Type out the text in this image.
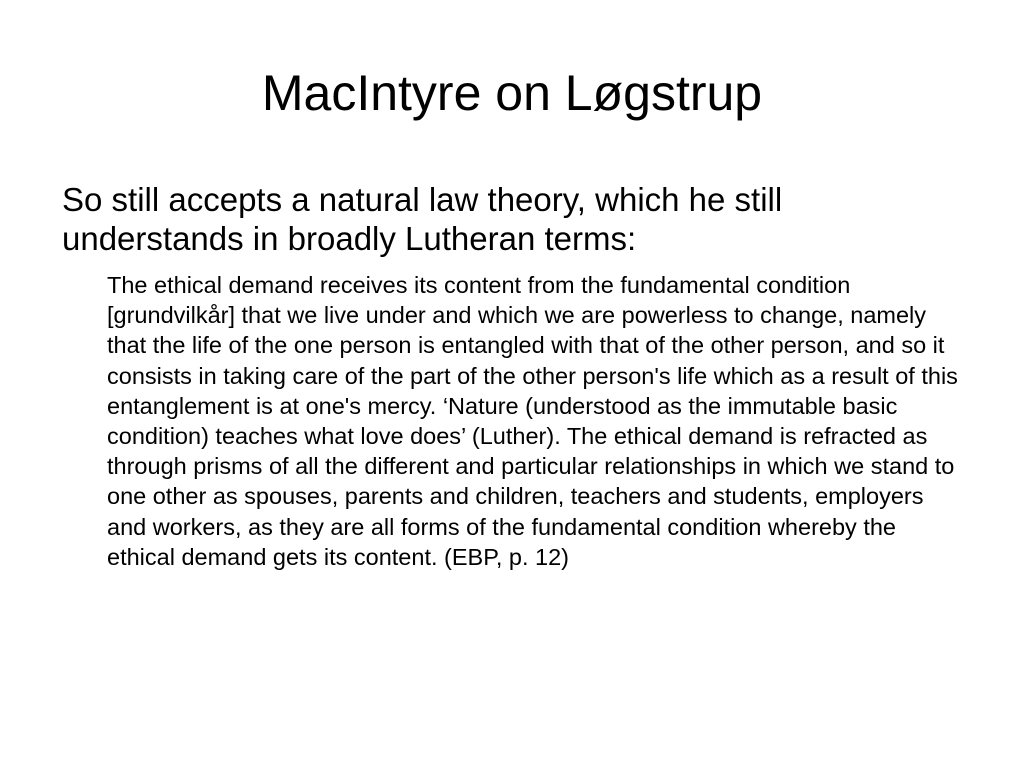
MacIntyre on Løgstrup

So still accepts a natural law theory, which he still understands in broadly Lutheran terms:

The ethical demand receives its content from the fundamental condition [grundvilkår] that we live under and which we are powerless to change, namely that the life of the one person is entangled with that of the other person, and so it consists in taking care of the part of the other person's life which as a result of this entanglement is at one's mercy. ‘Nature (understood as the immutable basic condition) teaches what love does’ (Luther). The ethical demand is refracted as through prisms of all the different and particular relationships in which we stand to one other as spouses, parents and children, teachers and students, employers and workers, as they are all forms of the fundamental condition whereby the ethical demand gets its content. (EBP, p. 12)
